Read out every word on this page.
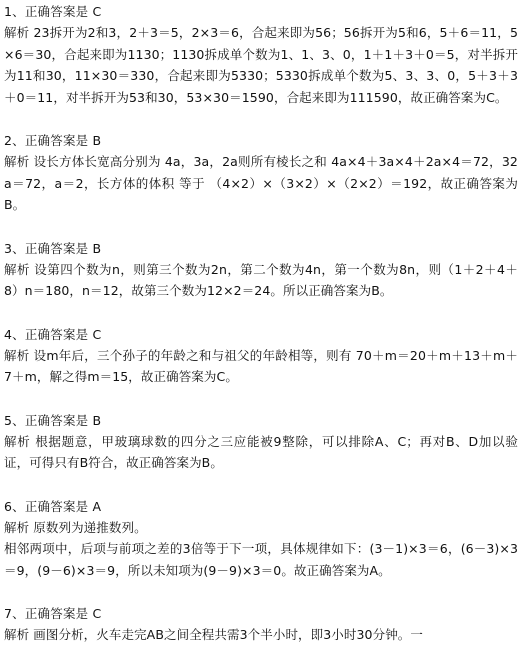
1、正确答案是 C

解析 23拆开为2和3，2＋3＝5，2×3＝6，合起来即为56；56拆开为5和6，5＋6＝11，5×6＝30，合起来即为1130；1130拆成单个数为1、1、3、0，1＋1＋3＋0＝5，对半拆开为11和30，11×30＝330，合起来即为5330；5330拆成单个数为5、3、3、0，5＋3＋3＋0＝11，对半拆开为53和30，53×30＝1590，合起来即为111590，故正确答案为C。

2、正确答案是 B

解析 设长方体长宽高分别为 4a，3a，2a则所有棱长之和 4a×4＋3a×4＋2a×4＝72，32a＝72，a＝2，长方体的体积 等于 （4×2）×（3×2）×（2×2）＝192，故正确答案为B。

3、正确答案是 B

解析 设第四个数为n，则第三个数为2n，第二个数为4n，第一个数为8n，则（1＋2＋4＋8）n＝180，n＝12，故第三个数为12×2＝24。所以正确答案为B。

4、正确答案是 C

解析 设m年后，三个孙子的年龄之和与祖父的年龄相等，则有 70＋m＝20＋m＋13＋m＋7＋m，解之得m＝15，故正确答案为C。

5、正确答案是 B

解析 根据题意，甲玻璃球数的四分之三应能被9整除，可以排除A、C；再对B、D加以验证，可得只有B符合，故正确答案为B。

6、正确答案是 A

解析 原数列为递推数列。

相邻两项中，后项与前项之差的3倍等于下一项，具体规律如下：(3－1)×3＝6，(6－3)×3＝9，(9－6)×3＝9，所以未知项为(9－9)×3＝0。故正确答案为A。

7、正确答案是 C

解析 画图分析，火车走完AB之间全程共需3个半小时，即3小时30分钟。一
